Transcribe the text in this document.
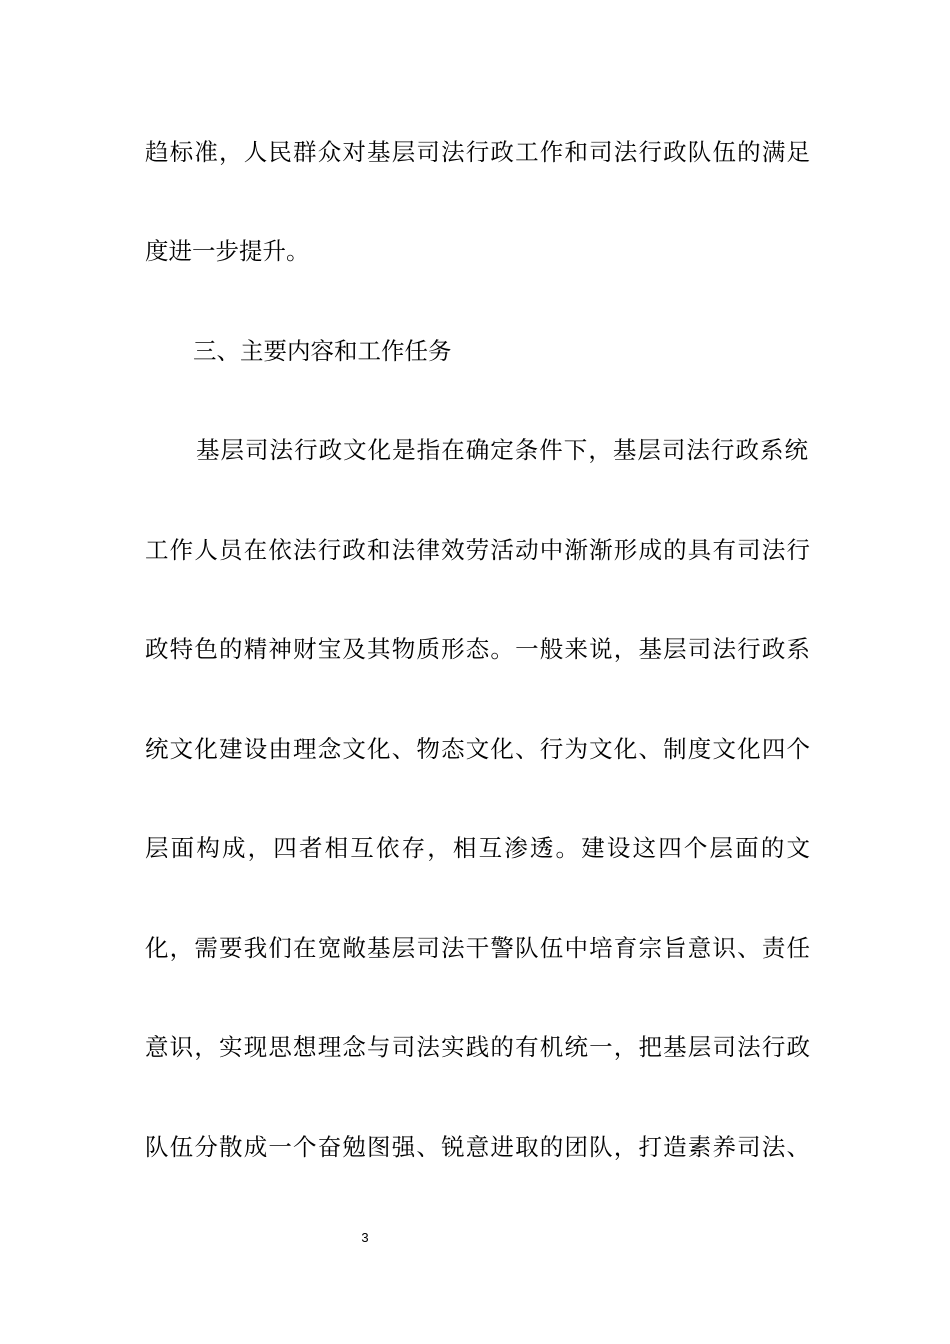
趋标准，人民群众对基层司法行政工作和司法行政队伍的满足
度进一步提升。
三、主要内容和工作任务
基层司法行政文化是指在确定条件下，基层司法行政系统
工作人员在依法行政和法律效劳活动中渐渐形成的具有司法行
政特色的精神财宝及其物质形态。一般来说，基层司法行政系
统文化建设由理念文化、物态文化、行为文化、制度文化四个
层面构成，四者相互依存，相互渗透。建设这四个层面的文
化，需要我们在宽敞基层司法干警队伍中培育宗旨意识、责任
意识，实现思想理念与司法实践的有机统一，把基层司法行政
队伍分散成一个奋勉图强、锐意进取的团队，打造素养司法、
3
